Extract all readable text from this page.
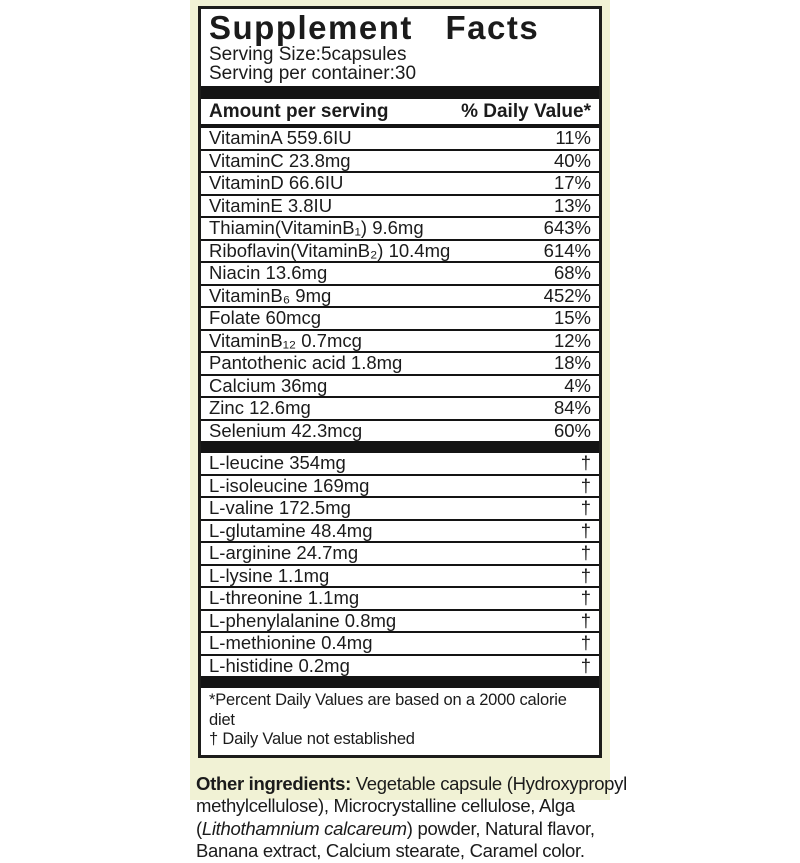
Supplement Facts
Serving Size:5capsules
Serving per container:30
Amount per serving	% Daily Value*
VitaminA 559.6IU	11%
VitaminC 23.8mg	40%
VitaminD 66.6IU	17%
VitaminE 3.8IU	13%
Thiamin(VitaminB₁) 9.6mg	643%
Riboflavin(VitaminB₂) 10.4mg	614%
Niacin 13.6mg	68%
VitaminB₆ 9mg	452%
Folate 60mcg	15%
VitaminB₁₂ 0.7mcg	12%
Pantothenic acid 1.8mg	18%
Calcium 36mg	4%
Zinc 12.6mg	84%
Selenium 42.3mcg	60%
L-leucine 354mg	†
L-isoleucine 169mg	†
L-valine 172.5mg	†
L-glutamine 48.4mg	†
L-arginine 24.7mg	†
L-lysine 1.1mg	†
L-threonine 1.1mg	†
L-phenylalanine 0.8mg	†
L-methionine 0.4mg	†
L-histidine 0.2mg	†
*Percent Daily Values are based on a 2000 calorie diet
† Daily Value not established
Other ingredients: Vegetable capsule (Hydroxypropyl
methylcellulose), Microcrystalline cellulose, Alga
(Lithothamnium calcareum) powder, Natural flavor,
Banana extract, Calcium stearate, Caramel color.
